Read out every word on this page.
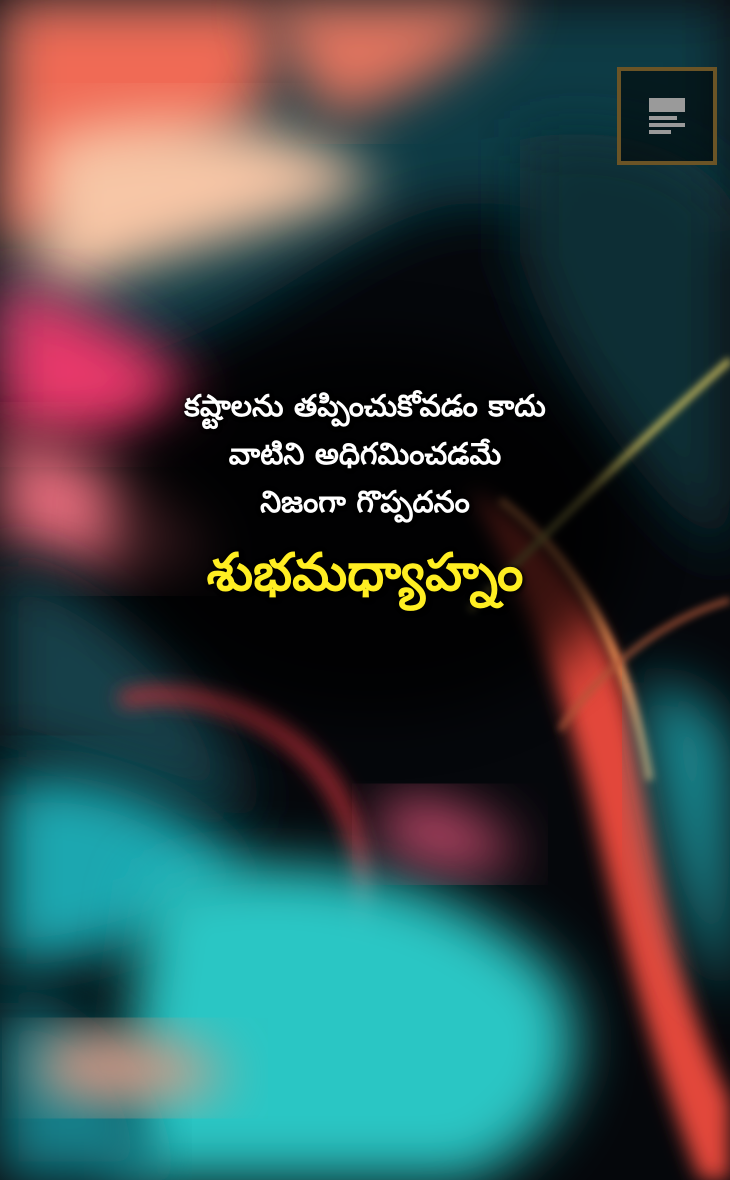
కష్టాలను తప్పించుకోవడం కాదు
వాటిని అధిగమించడమే
నిజంగా గొప్పదనం
శుభమధ్యాహ్నం
